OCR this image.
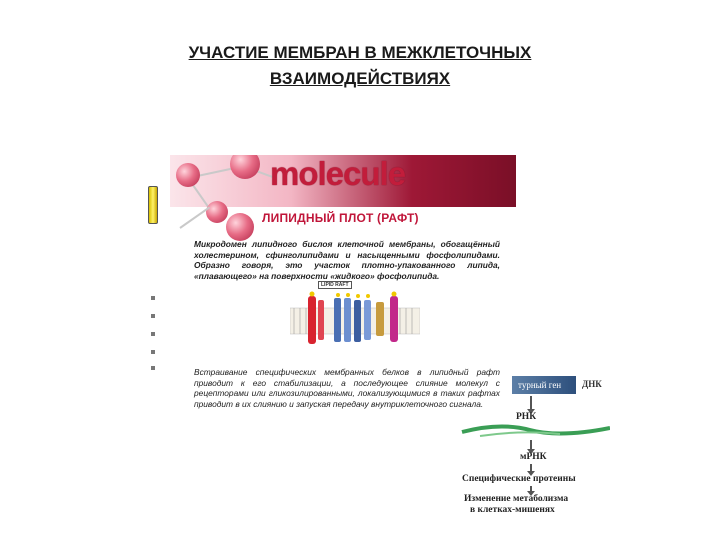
УЧАСТИЕ МЕМБРАН В МЕЖКЛЕТОЧНЫХ
ВЗАИМОДЕЙСТВИЯХ
molecule
ЛИПИДНЫЙ ПЛОТ (РАФТ)
Микродомен липидного бислоя клеточной мембраны, обогащённый холестерином, сфинголипидами и насыщенными фосфолипидами. Образно говоря, это участок плотно-упакованного липида, «плавающего» на поверхности «жидкого» фосфолипида.
LIPID RAFT
Встраивание специфических мембранных белков в липидный рафт приводит к его стабилизации, а последующее слияние молекул с рецепторами или гликозилированными, локализующимися в таких рафтах приводит в их слиянию и запуская передачу внутриклеточного сигнала.
турный ген	ДНК
РНК
мРНК
Специфические протеины
Изменение метаболизма
в клетках-мишенях
